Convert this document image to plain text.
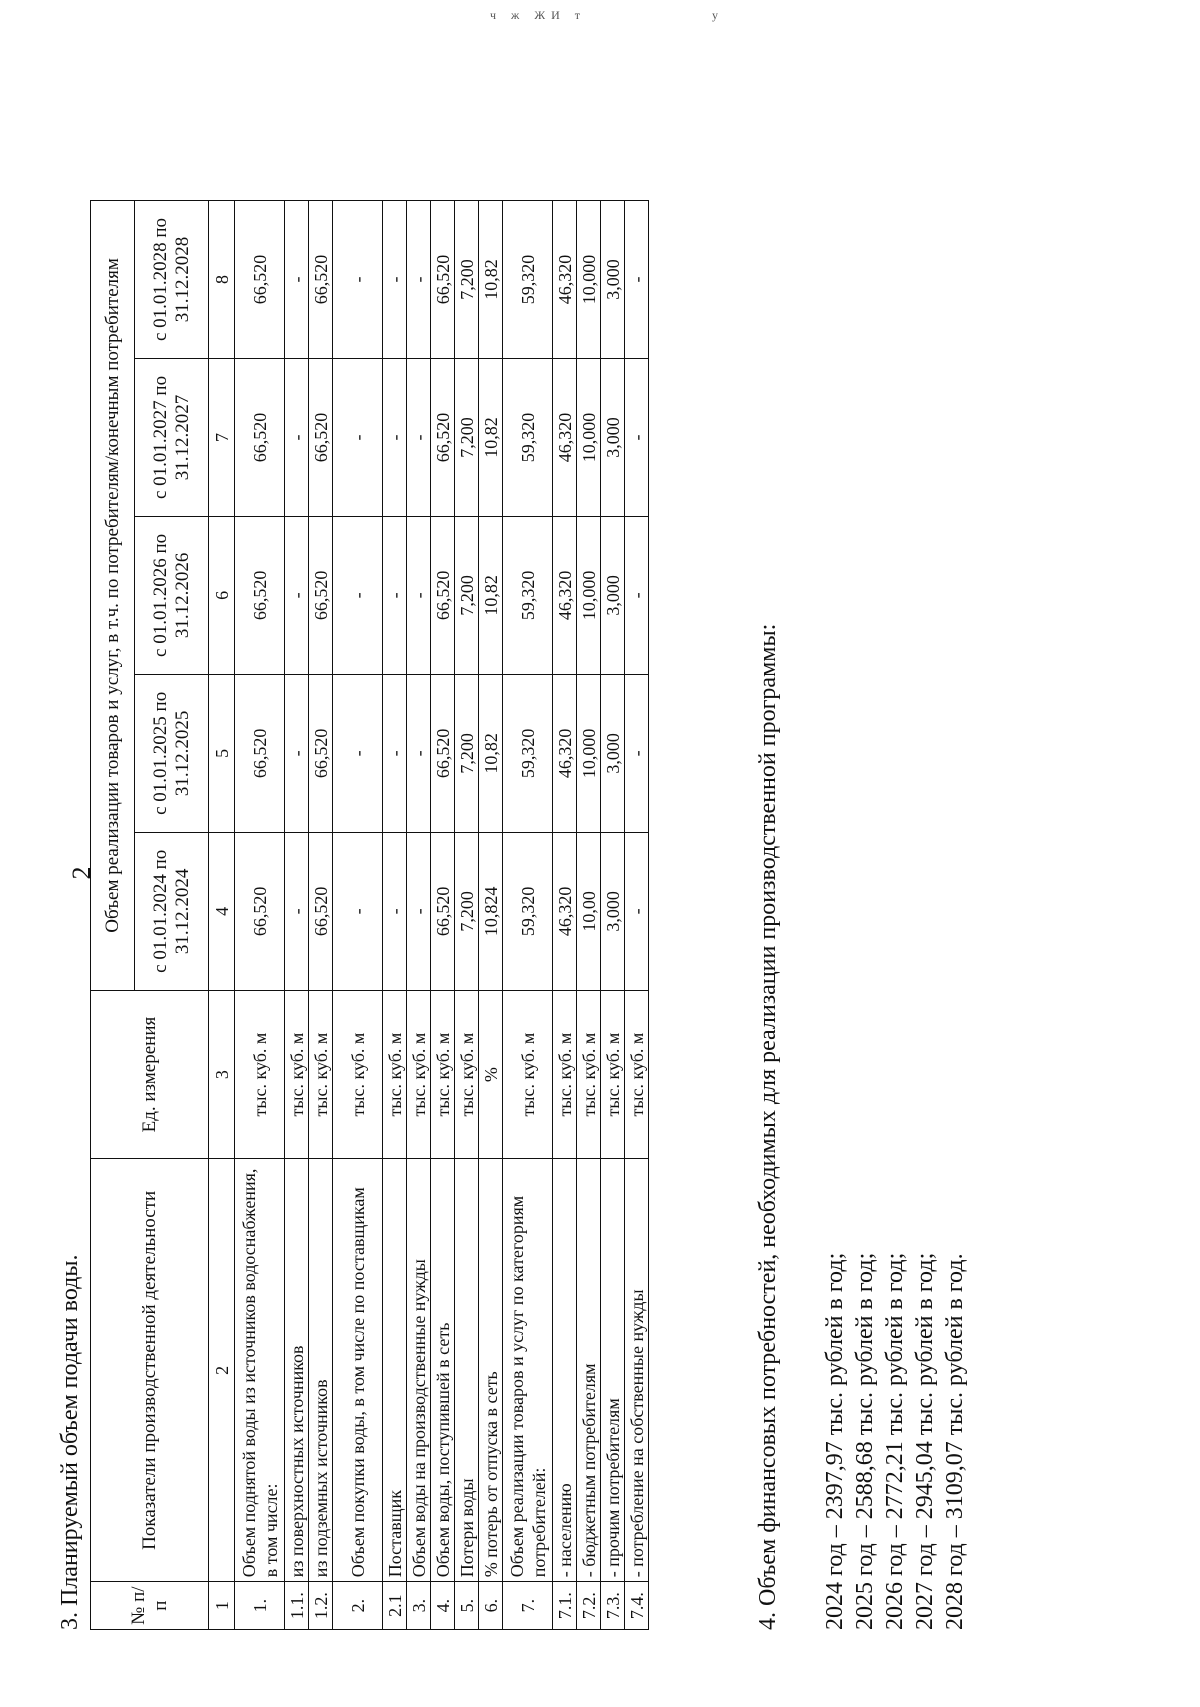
ч ж ЖИ т	у
2
3. Планируемый объем подачи воды.	№ п/п	Показатели производственной деятельности	Ед. измерения	Объем реализации товаров и услуг, в т.ч. по потребителям/конечным потребителям				
			с 01.01.2024 по 31.12.2024	с 01.01.2025 по 31.12.2025	с 01.01.2026 по 31.12.2026	с 01.01.2027 по 31.12.2027	с 01.01.2028 по 31.12.2028
1	2	3	4	5	6	7	8
1.	Объем поднятой воды из источников водоснабжения, в том числе:	тыс. куб. м	66,520	66,520	66,520	66,520	66,520
1.1.	из поверхностных источников	тыс. куб. м	-	-	-	-	-
1.2.	из подземных источников	тыс. куб. м	66,520	66,520	66,520	66,520	66,520
2.	Объем покупки воды, в том числе по поставщикам	тыс. куб. м	-	-	-	-	-
2.1	Поставщик	тыс. куб. м	-	-	-	-	-
3.	Объем воды на производственные нужды	тыс. куб. м	-	-	-	-	-
4.	Объем воды, поступившей в сеть	тыс. куб. м	66,520	66,520	66,520	66,520	66,520
5.	Потери воды	тыс. куб. м	7,200	7,200	7,200	7,200	7,200
6.	% потерь от отпуска в сеть	%	10,824	10,82	10,82	10,82	10,82
7.	Объем реализации товаров и услуг по категориям потребителей:	тыс. куб. м	59,320	59,320	59,320	59,320	59,320
7.1.	- населению	тыс. куб. м	46,320	46,320	46,320	46,320	46,320
7.2.	- бюджетным потребителям	тыс. куб. м	10,00	10,000	10,000	10,000	10,000
7.3.	- прочим потребителям	тыс. куб. м	3,000	3,000	3,000	3,000	3,000
7.4.	- потребление на собственные нужды	тыс. куб. м	-	-	-	-	-
4. Объем финансовых потребностей, необходимых для реализации производственной программы: 2024 год – 2397,97 тыс. рублей в год; 2025 год – 2588,68 тыс. рублей в год; 2026 год – 2772,21 тыс. рублей в год; 2027 год – 2945,04 тыс. рублей в год; 2028 год – 3109,07 тыс. рублей в год.
